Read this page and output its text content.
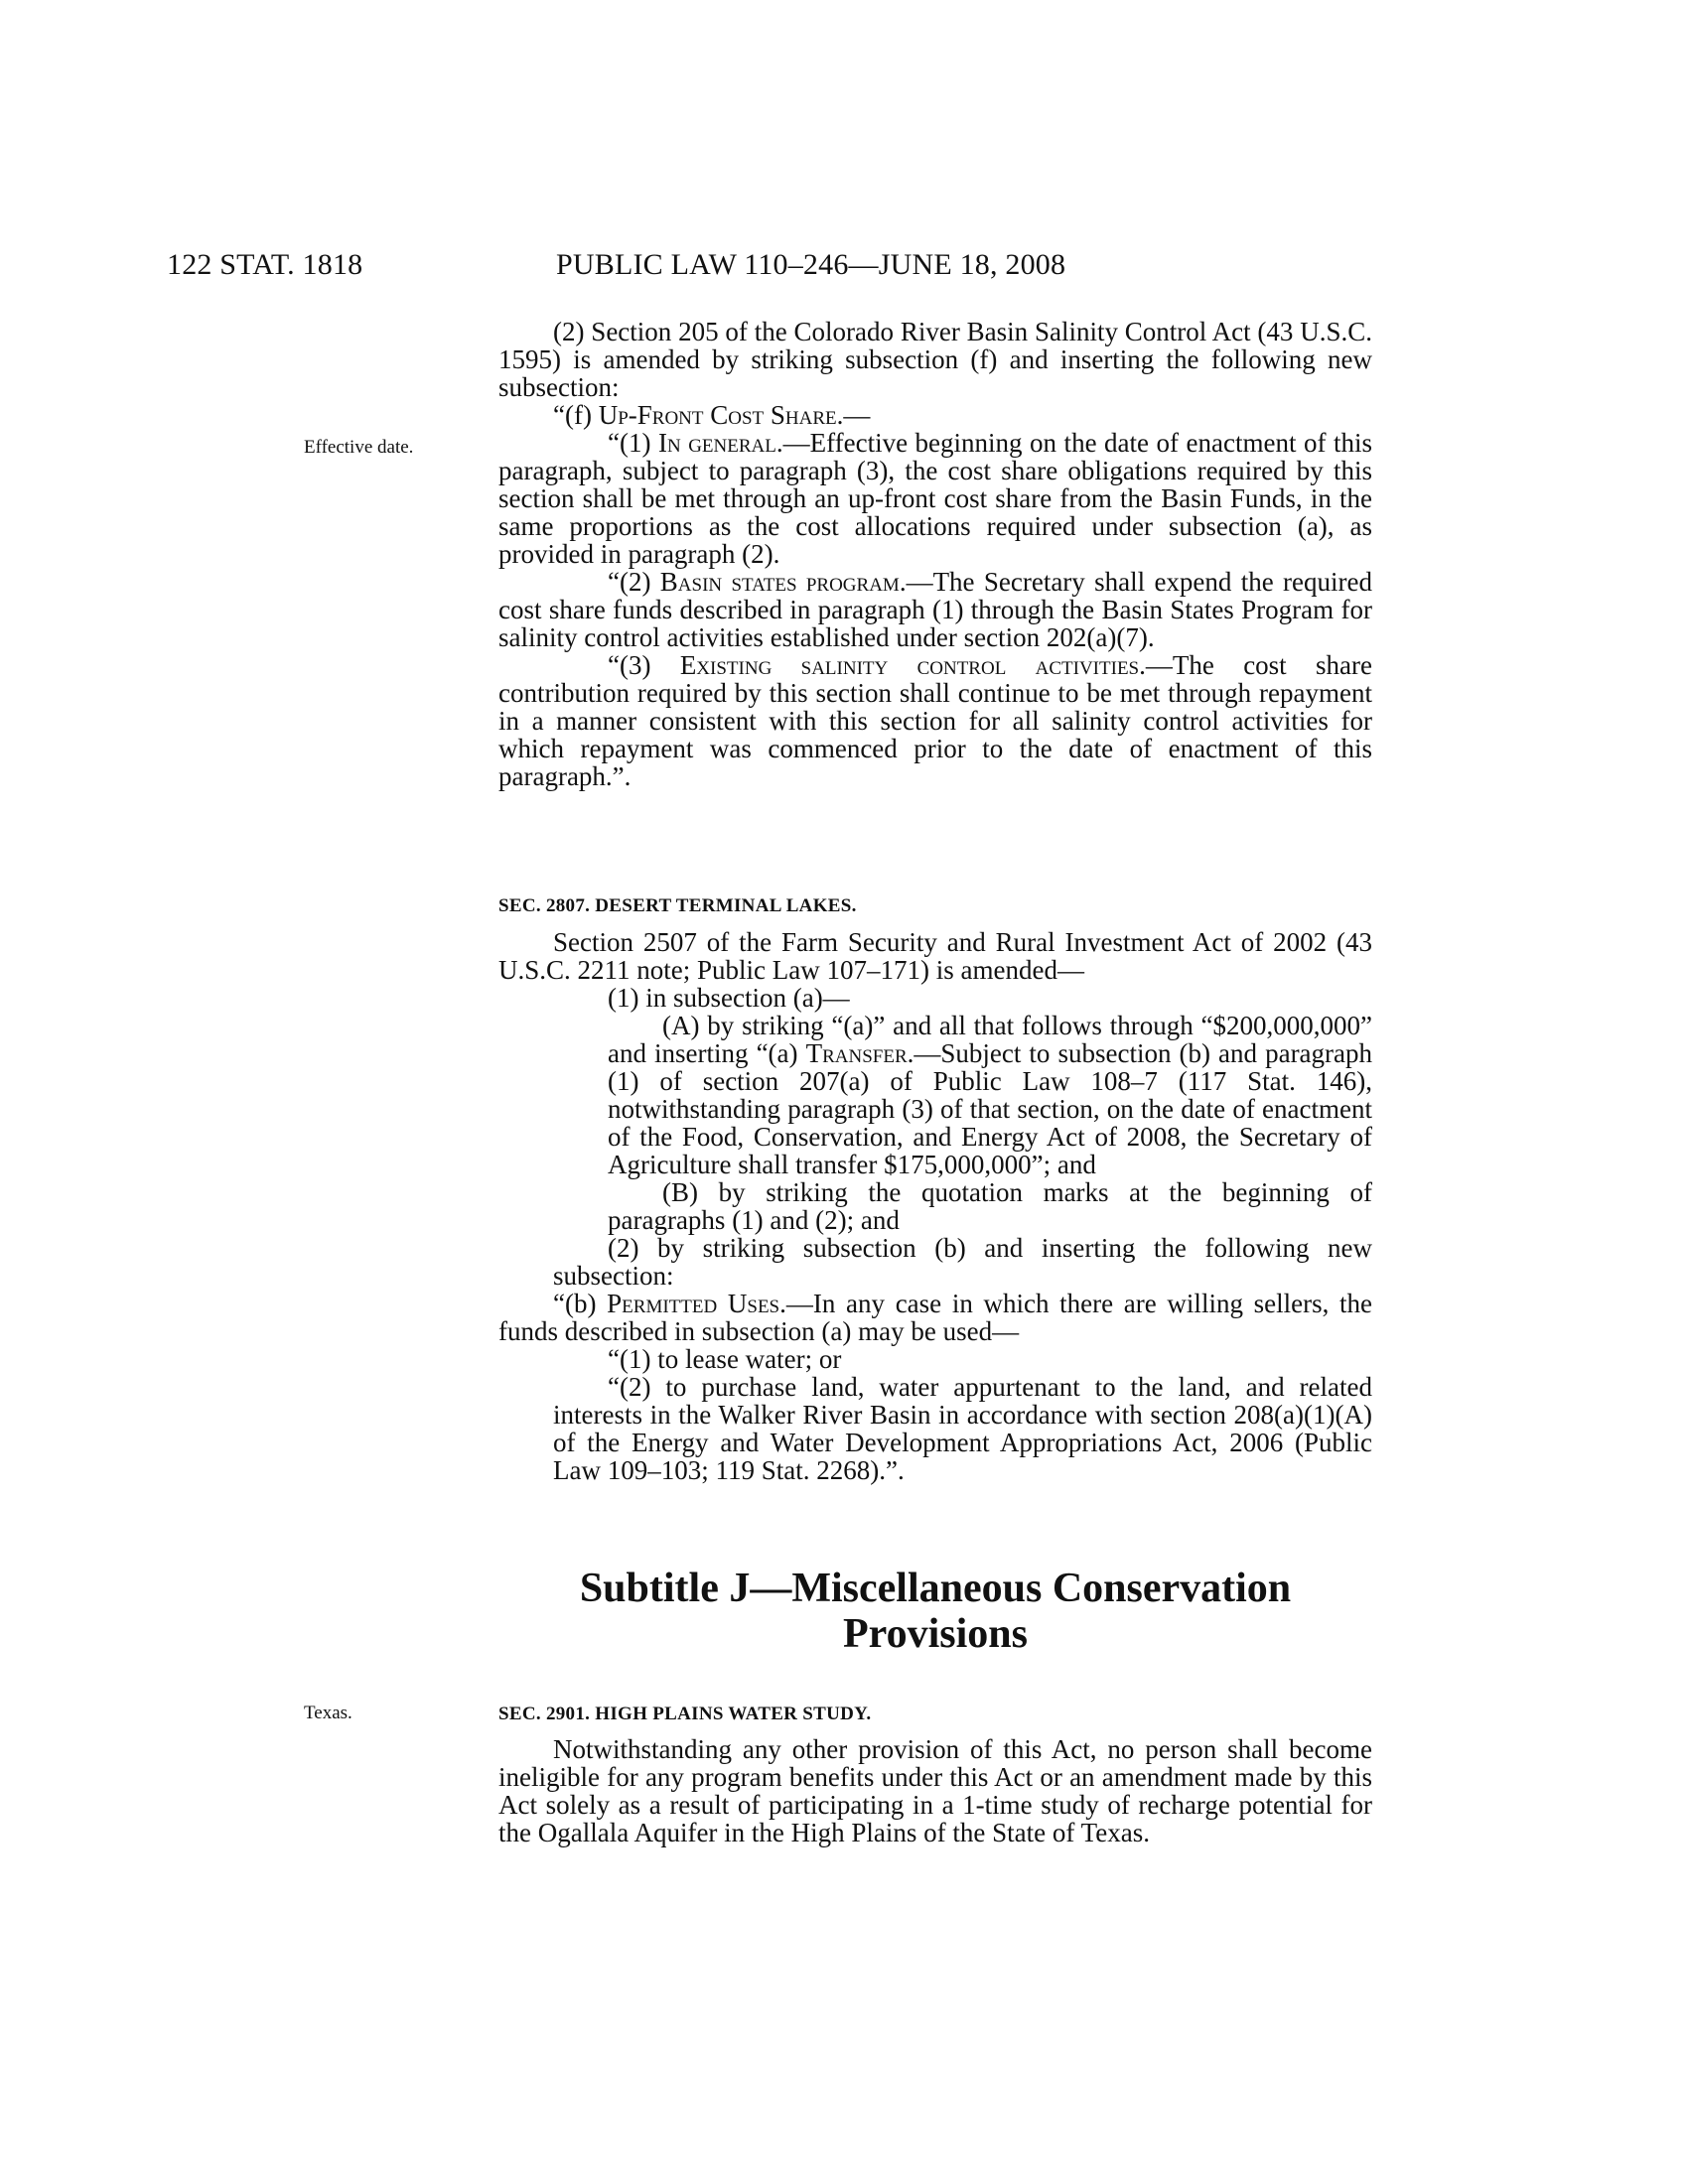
122 STAT. 1818	PUBLIC LAW 110–246—JUNE 18, 2008
Effective date.
Texas.

(2) Section 205 of the Colorado River Basin Salinity Control Act (43 U.S.C. 1595) is amended by striking subsection (f) and inserting the following new subsection:

“(f) Up-Front Cost Share.—

“(1) In general.—Effective beginning on the date of enactment of this paragraph, subject to paragraph (3), the cost share obligations required by this section shall be met through an up-front cost share from the Basin Funds, in the same proportions as the cost allocations required under subsection (a), as provided in paragraph (2).

“(2) Basin states program.—The Secretary shall expend the required cost share funds described in paragraph (1) through the Basin States Program for salinity control activities established under section 202(a)(7).

“(3) Existing salinity control activities.—The cost share contribution required by this section shall continue to be met through repayment in a manner consistent with this section for all salinity control activities for which repayment was commenced prior to the date of enactment of this paragraph.”.

SEC. 2807. DESERT TERMINAL LAKES.

Section 2507 of the Farm Security and Rural Investment Act of 2002 (43 U.S.C. 2211 note; Public Law 107–171) is amended—

(1) in subsection (a)—

(A) by striking “(a)” and all that follows through “$200,000,000” and inserting “(a) Transfer.—Subject to subsection (b) and paragraph (1) of section 207(a) of Public Law 108–7 (117 Stat. 146), notwithstanding paragraph (3) of that section, on the date of enactment of the Food, Conservation, and Energy Act of 2008, the Secretary of Agriculture shall transfer $175,000,000”; and

(B) by striking the quotation marks at the beginning of paragraphs (1) and (2); and

(2) by striking subsection (b) and inserting the following new subsection:

“(b) Permitted Uses.—In any case in which there are willing sellers, the funds described in subsection (a) may be used—

“(1) to lease water; or

“(2) to purchase land, water appurtenant to the land, and related interests in the Walker River Basin in accordance with section 208(a)(1)(A) of the Energy and Water Development Appropriations Act, 2006 (Public Law 109–103; 119 Stat. 2268).”.

Subtitle J—Miscellaneous Conservation
Provisions
SEC. 2901. HIGH PLAINS WATER STUDY.

Notwithstanding any other provision of this Act, no person shall become ineligible for any program benefits under this Act or an amendment made by this Act solely as a result of participating in a 1-time study of recharge potential for the Ogallala Aquifer in the High Plains of the State of Texas.
